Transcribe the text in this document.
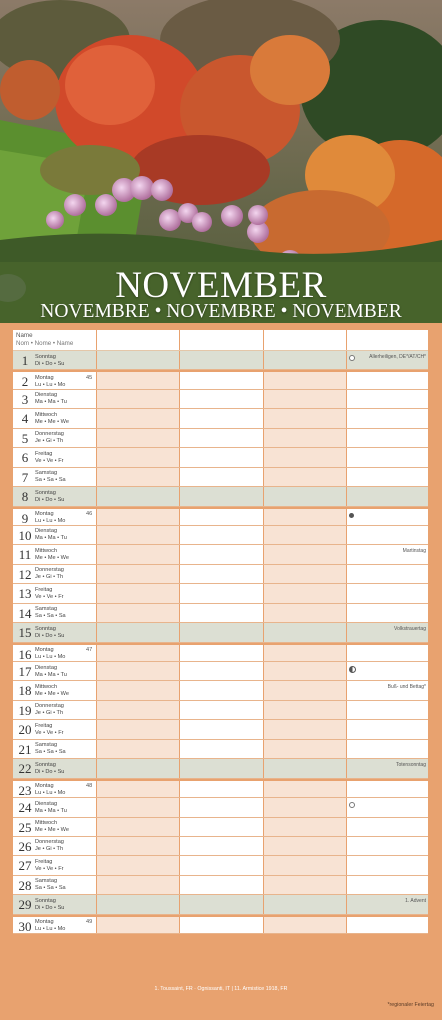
NOVEMBER
NOVEMBRE • NOVEMBRE • NOVEMBER
Name
Nom • Nome • Name
1	Sonntag
Di • Do • Su
Allerheiligen, DE*/AT/CH*
2	Montag
Lu • Lu • Mo
45
3	Dienstag
Ma • Ma • Tu
4	Mittwoch
Me • Me • We
5	Donnerstag
Je • Gi • Th
6	Freitag
Ve • Ve • Fr
7	Samstag
Sa • Sa • Sa
8	Sonntag
Di • Do • Su
9	Montag
Lu • Lu • Mo
46
10 Dienstag
Ma • Ma • Tu
11 Mittwoch
Me • Me • We
Martinstag
12 Donnerstag
Je • Gi • Th
13 Freitag
Ve • Ve • Fr
14 Samstag
Sa • Sa • Sa
15 Sonntag
Di • Do • Su
Volkstrauertag
16 Montag
Lu • Lu • Mo
47
17 Dienstag
Ma • Ma • Tu
18 Mittwoch
Me • Me • We
Buß- und Bettag*
19 Donnerstag
Je • Gi • Th
20 Freitag
Ve • Ve • Fr
21 Samstag
Sa • Sa • Sa
22 Sonntag
Di • Do • Su
Totensonntag
23 Montag
Lu • Lu • Mo
48
24 Dienstag
Ma • Ma • Tu
25 Mittwoch
Me • Me • We
26 Donnerstag
Je • Gi • Th
27 Freitag
Ve • Ve • Fr
28 Samstag
Sa • Sa • Sa
29 Sonntag
Di • Do • Su
1. Advent
30 Montag
Lu • Lu • Mo
49
1. Toussaint, FR · Ognissanti, IT | 11. Armistice 1918, FR
*regionaler Feiertag
